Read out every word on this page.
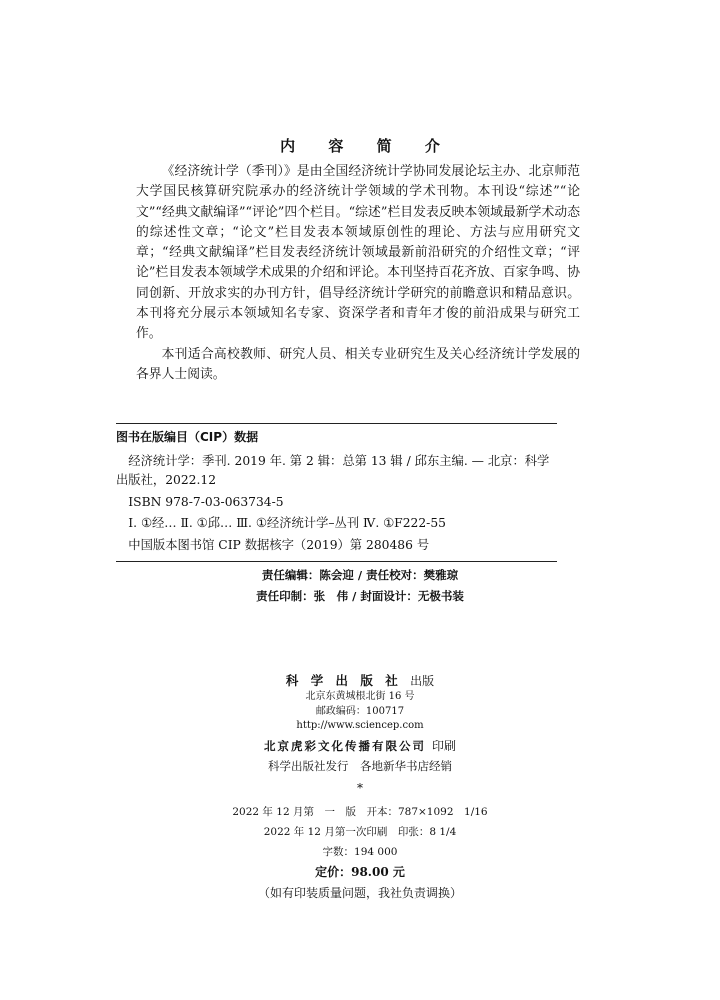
内 容 简 介

《经济统计学（季刊）》是由全国经济统计学协同发展论坛主办、北京师范大学国民核算研究院承办的经济统计学领域的学术刊物。本刊设“综述”“论文”“经典文献编译”“评论”四个栏目。“综述”栏目发表反映本领域最新学术动态的综述性文章；“论文”栏目发表本领域原创性的理论、方法与应用研究文章；“经典文献编译”栏目发表经济统计领域最新前沿研究的介绍性文章；“评论”栏目发表本领域学术成果的介绍和评论。本刊坚持百花齐放、百家争鸣、协同创新、开放求实的办刊方针，倡导经济统计学研究的前瞻意识和精品意识。本刊将充分展示本领域知名专家、资深学者和青年才俊的前沿成果与研究工作。

本刊适合高校教师、研究人员、相关专业研究生及关心经济统计学发展的各界人士阅读。

图书在版编目（CIP）数据
经济统计学：季刊. 2019 年. 第 2 辑：总第 13 辑 / 邱东主编. — 北京：科学出版社，2022.12
ISBN 978-7-03-063734-5
Ⅰ. ①经… Ⅱ. ①邱… Ⅲ. ①经济统计学–丛刊 Ⅳ. ①F222-55
中国版本图书馆 CIP 数据核字（2019）第 280486 号
责任编辑：陈会迎 / 责任校对：樊雅琼
责任印制：张　伟 / 封面设计：无极书装
科 学 出 版 社 出版
北京东黄城根北街 16 号
邮政编码：100717
http://www.sciencep.com
北京虎彩文化传播有限公司 印刷
科学出版社发行　各地新华书店经销
*
2022 年 12 月第　一　版　开本：787×1092　1/16
2022 年 12 月第一次印刷　印张：8 1/4
字数：194 000
定价：98.00 元
（如有印装质量问题，我社负责调换）
